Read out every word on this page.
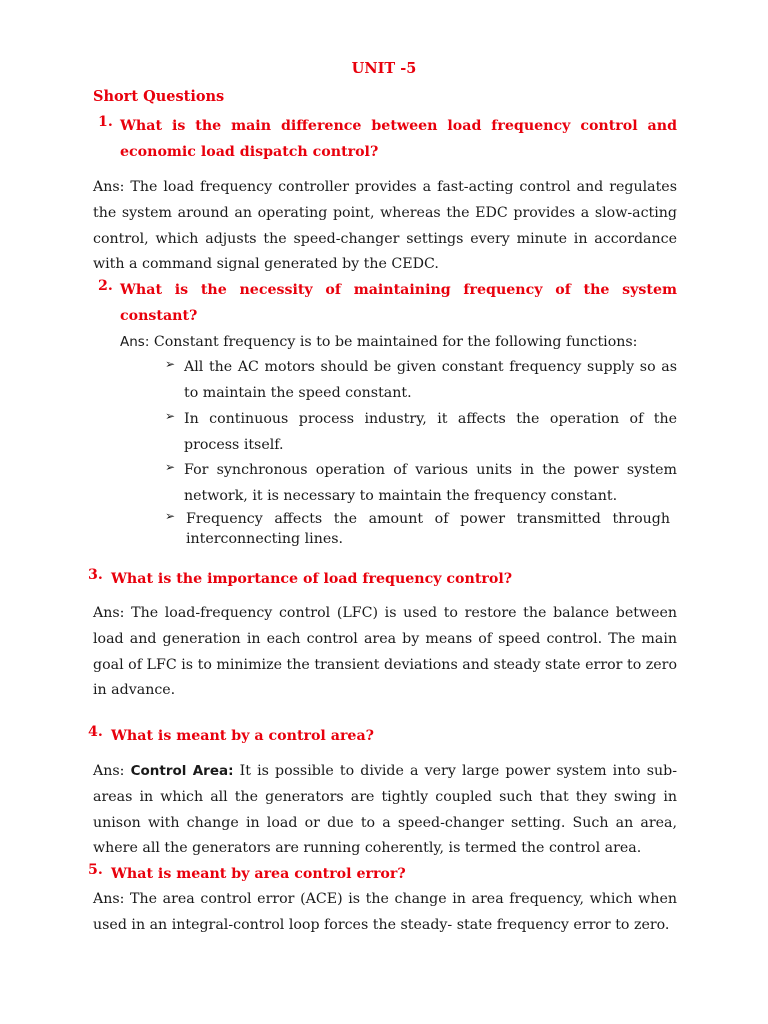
UNIT -5
Short Questions
1. What is the main difference between load frequency control and economic load dispatch control?
Ans: The load frequency controller provides a fast-acting control and regulates the system around an operating point, whereas the EDC provides a slow-acting control, which adjusts the speed-changer settings every minute in accordance with a command signal generated by the CEDC.
2. What is the necessity of maintaining frequency of the system constant?
Ans: Constant frequency is to be maintained for the following functions:
➢ All the AC motors should be given constant frequency supply so as to maintain the speed constant.
➢ In continuous process industry, it affects the operation of the process itself.
➢ For synchronous operation of various units in the power system network, it is necessary to maintain the frequency constant.
➢ Frequency affects the amount of power transmitted through interconnecting lines.
3. What is the importance of load frequency control?
Ans: The load-frequency control (LFC) is used to restore the balance between load and generation in each control area by means of speed control. The main goal of LFC is to minimize the transient deviations and steady state error to zero in advance.
4. What is meant by a control area?
Ans: Control Area: It is possible to divide a very large power system into sub-areas in which all the generators are tightly coupled such that they swing in unison with change in load or due to a speed-changer setting. Such an area, where all the generators are running coherently, is termed the control area.
5. What is meant by area control error?
Ans: The area control error (ACE) is the change in area frequency, which when used in an integral-control loop forces the steady- state frequency error to zero.
